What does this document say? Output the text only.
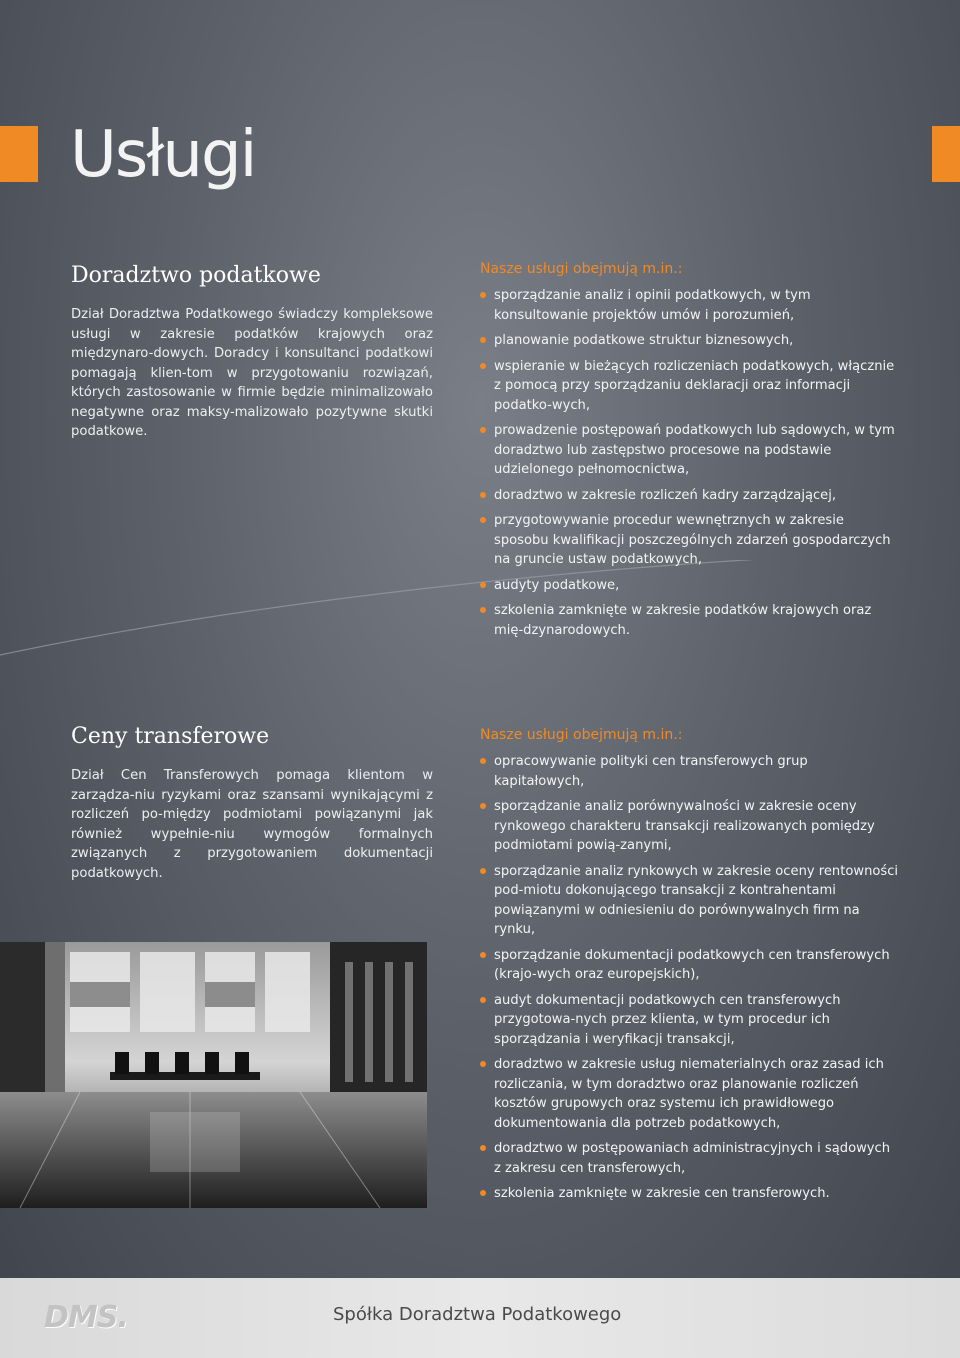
Usługi
Doradztwo podatkowe

Dział Doradztwa Podatkowego świadczy kompleksowe usługi w zakresie podatków krajowych oraz międzynaro-dowych. Doradcy i konsultanci podatkowi pomagają klien-tom w przygotowaniu rozwiązań, których zastosowanie w firmie będzie minimalizowało negatywne oraz maksy-malizowało pozytywne skutki podatkowe.

Nasze usługi obejmują m.in.:
sporządzanie analiz i opinii podatkowych, w tym konsultowanie projektów umów i porozumień,
planowanie podatkowe struktur biznesowych,
wspieranie w bieżących rozliczeniach podatkowych, włącznie z pomocą przy sporządzaniu deklaracji oraz informacji podatko-wych,
prowadzenie postępowań podatkowych lub sądowych, w tym doradztwo lub zastępstwo procesowe na podstawie udzielonego pełnomocnictwa,
doradztwo w zakresie rozliczeń kadry zarządzającej,
przygotowywanie procedur wewnętrznych w zakresie sposobu kwalifikacji poszczególnych zdarzeń gospodarczych na gruncie ustaw podatkowych,
audyty podatkowe,
szkolenia zamknięte w zakresie podatków krajowych oraz mię-dzynarodowych.
Ceny transferowe

Dział Cen Transferowych pomaga klientom w zarządza-niu ryzykami oraz szansami wynikającymi z rozliczeń po-między podmiotami powiązanymi jak również wypełnie-niu wymogów formalnych związanych z przygotowaniem dokumentacji podatkowych.

Nasze usługi obejmują m.in.:
opracowywanie polityki cen transferowych grup kapitałowych,
sporządzanie analiz porównywalności w zakresie oceny rynkowego charakteru transakcji realizowanych pomiędzy podmiotami powią-zanymi,
sporządzanie analiz rynkowych w zakresie oceny rentowności pod-miotu dokonującego transakcji z kontrahentami powiązanymi w odniesieniu do porównywalnych firm na rynku,
sporządzanie dokumentacji podatkowych cen transferowych (krajo-wych oraz europejskich),
audyt dokumentacji podatkowych cen transferowych przygotowa-nych przez klienta, w tym procedur ich sporządzania i weryfikacji transakcji,
doradztwo w zakresie usług niematerialnych oraz zasad ich rozliczania, w tym doradztwo oraz planowanie rozliczeń kosztów grupowych oraz systemu ich prawidłowego dokumentowania dla potrzeb podatkowych,
doradztwo w postępowaniach administracyjnych i sądowych z zakresu cen transferowych,
szkolenia zamknięte w zakresie cen transferowych.
DMS.	Spółka Doradztwa Podatkowego
